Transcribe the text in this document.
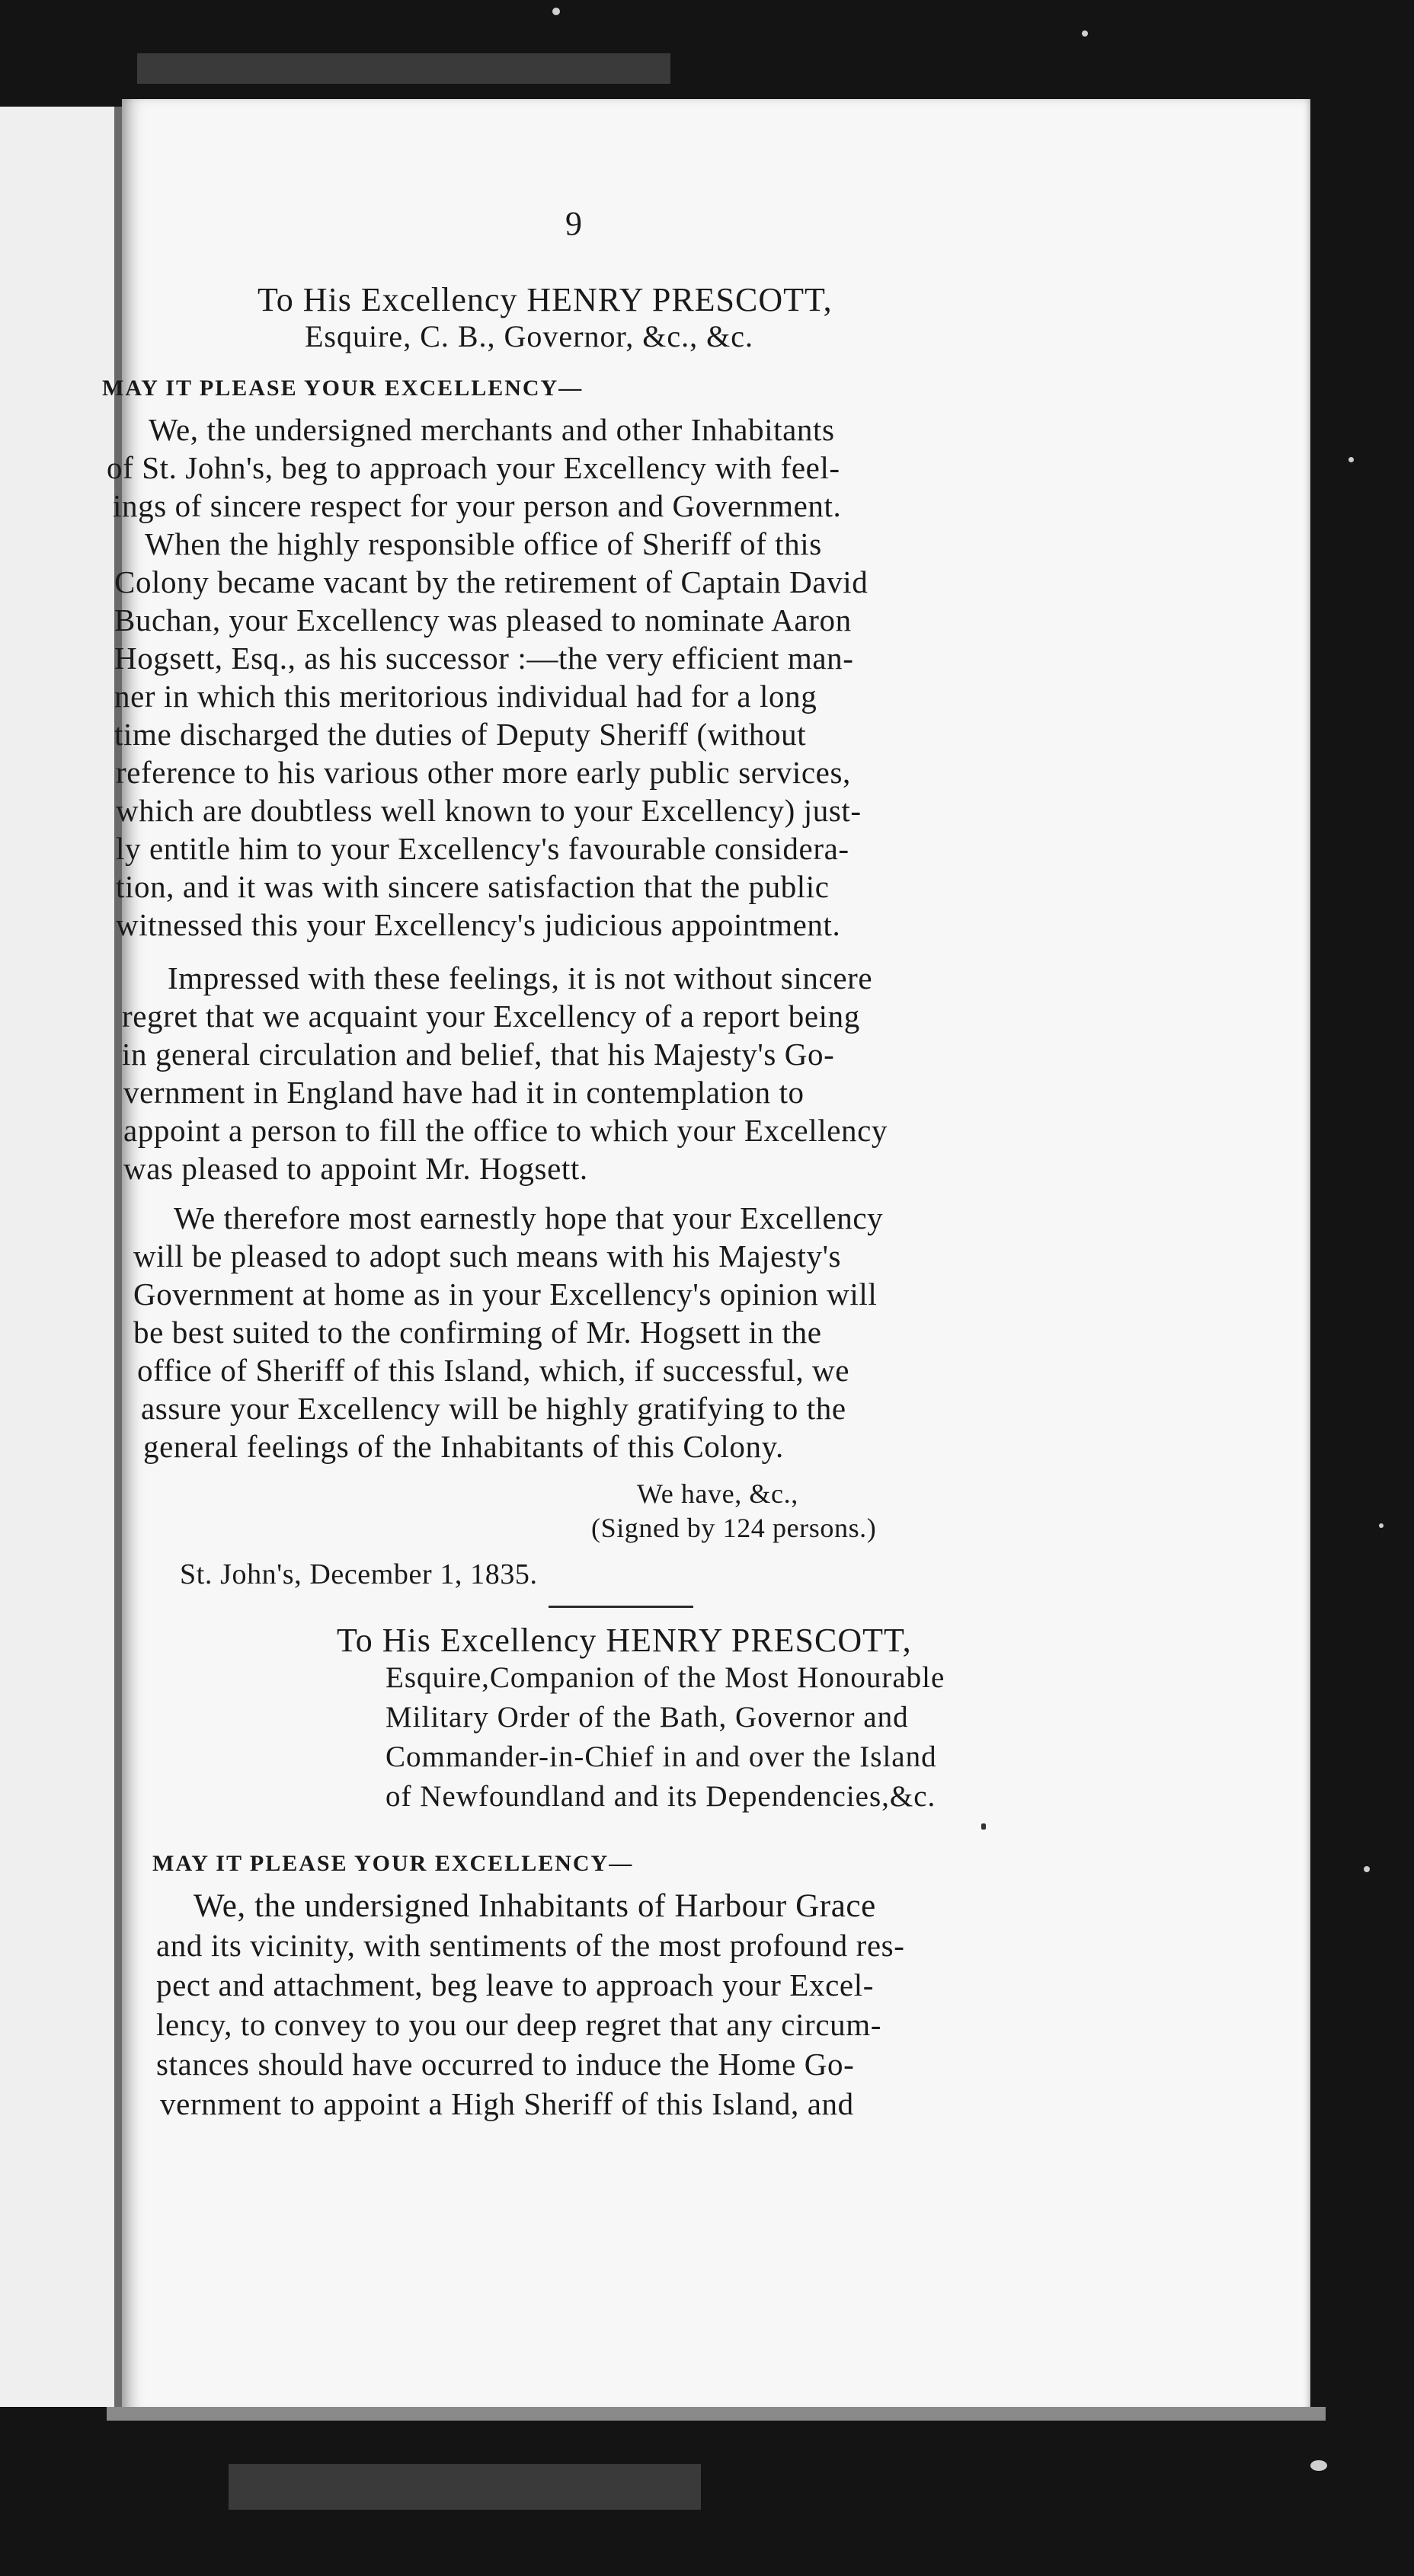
9
To His Excellency HENRY PRESCOTT,
Esquire, C. B., Governor, &c., &c.
MAY IT PLEASE YOUR EXCELLENCY—
We, the undersigned merchants and other Inhabitants
of St. John's, beg to approach your Excellency with feel-
ings of sincere respect for your person and Government.
When the highly responsible office of Sheriff of this
Colony became vacant by the retirement of Captain David
Buchan, your Excellency was pleased to nominate Aaron
Hogsett, Esq., as his successor :—the very efficient man-
ner in which this meritorious individual had for a long
time discharged the duties of Deputy Sheriff (without
reference to his various other more early public services,
which are doubtless well known to your Excellency) just-
ly entitle him to your Excellency's favourable considera-
tion, and it was with sincere satisfaction that the public
witnessed this your Excellency's judicious appointment.
Impressed with these feelings, it is not without sincere
regret that we acquaint your Excellency of a report being
in general circulation and belief, that his Majesty's Go-
vernment in England have had it in contemplation to
appoint a person to fill the office to which your Excellency
was pleased to appoint Mr. Hogsett.
We therefore most earnestly hope that your Excellency
will be pleased to adopt such means with his Majesty's
Government at home as in your Excellency's opinion will
be best suited to the confirming of Mr. Hogsett in the
office of Sheriff of this Island, which, if successful, we
assure your Excellency will be highly gratifying to the
general feelings of the Inhabitants of this Colony.
We have, &c.,
(Signed by 124 persons.)
St. John's, December 1, 1835.
To His Excellency HENRY PRESCOTT,
Esquire,Companion of the Most Honourable
Military Order of the Bath, Governor and
Commander-in-Chief in and over the Island
of Newfoundland and its Dependencies,&c.
MAY IT PLEASE YOUR EXCELLENCY—
We, the undersigned Inhabitants of Harbour Grace
and its vicinity, with sentiments of the most profound res-
pect and attachment, beg leave to approach your Excel-
lency, to convey to you our deep regret that any circum-
stances should have occurred to induce the Home Go-
vernment to appoint a High Sheriff of this Island, and
